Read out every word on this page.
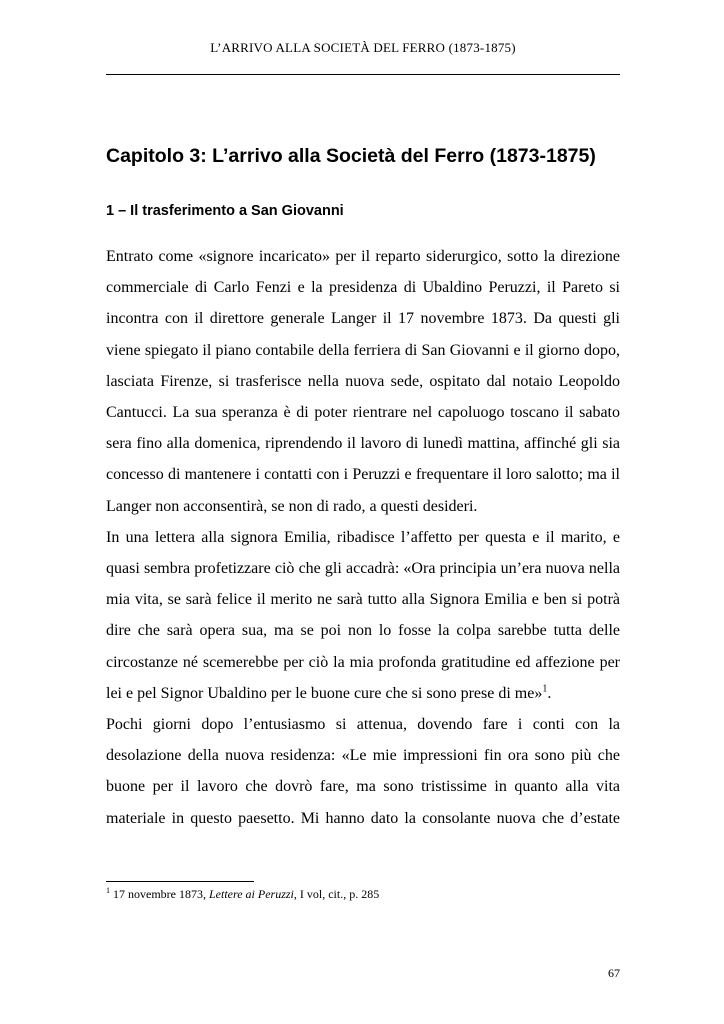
L’ARRIVO ALLA SOCIETÀ DEL FERRO (1873-1875)
Capitolo 3: L’arrivo alla Società del Ferro (1873-1875)
1 – Il trasferimento a San Giovanni

Entrato come «signore incaricato» per il reparto siderurgico, sotto la direzione commerciale di Carlo Fenzi e la presidenza di Ubaldino Peruzzi, il Pareto si incontra con il direttore generale Langer il 17 novembre 1873. Da questi gli viene spiegato il piano contabile della ferriera di San Giovanni e il giorno dopo, lasciata Firenze, si trasferisce nella nuova sede, ospitato dal notaio Leopoldo Cantucci. La sua speranza è di poter rientrare nel capoluogo toscano il sabato sera fino alla domenica, riprendendo il lavoro di lunedì mattina, affinché gli sia concesso di mantenere i contatti con i Peruzzi e frequentare il loro salotto; ma il Langer non acconsentirà, se non di rado, a questi desideri.

In una lettera alla signora Emilia, ribadisce l’affetto per questa e il marito, e quasi sembra profetizzare ciò che gli accadrà: «Ora principia un’era nuova nella mia vita, se sarà felice il merito ne sarà tutto alla Signora Emilia e ben si potrà dire che sarà opera sua, ma se poi non lo fosse la colpa sarebbe tutta delle circostanze né scemerebbe per ciò la mia profonda gratitudine ed affezione per lei e pel Signor Ubaldino per le buone cure che si sono prese di me»$^1$.

Pochi giorni dopo l’entusiasmo si attenua, dovendo fare i conti con la desolazione della nuova residenza: «Le mie impressioni fin ora sono più che buone per il lavoro che dovrò fare, ma sono tristissime in quanto alla vita materiale in questo paesetto. Mi hanno dato la consolante nuova che d’estate

$^1$ 17 novembre 1873, Lettere ai Peruzzi, I vol, cit., p. 285
67
